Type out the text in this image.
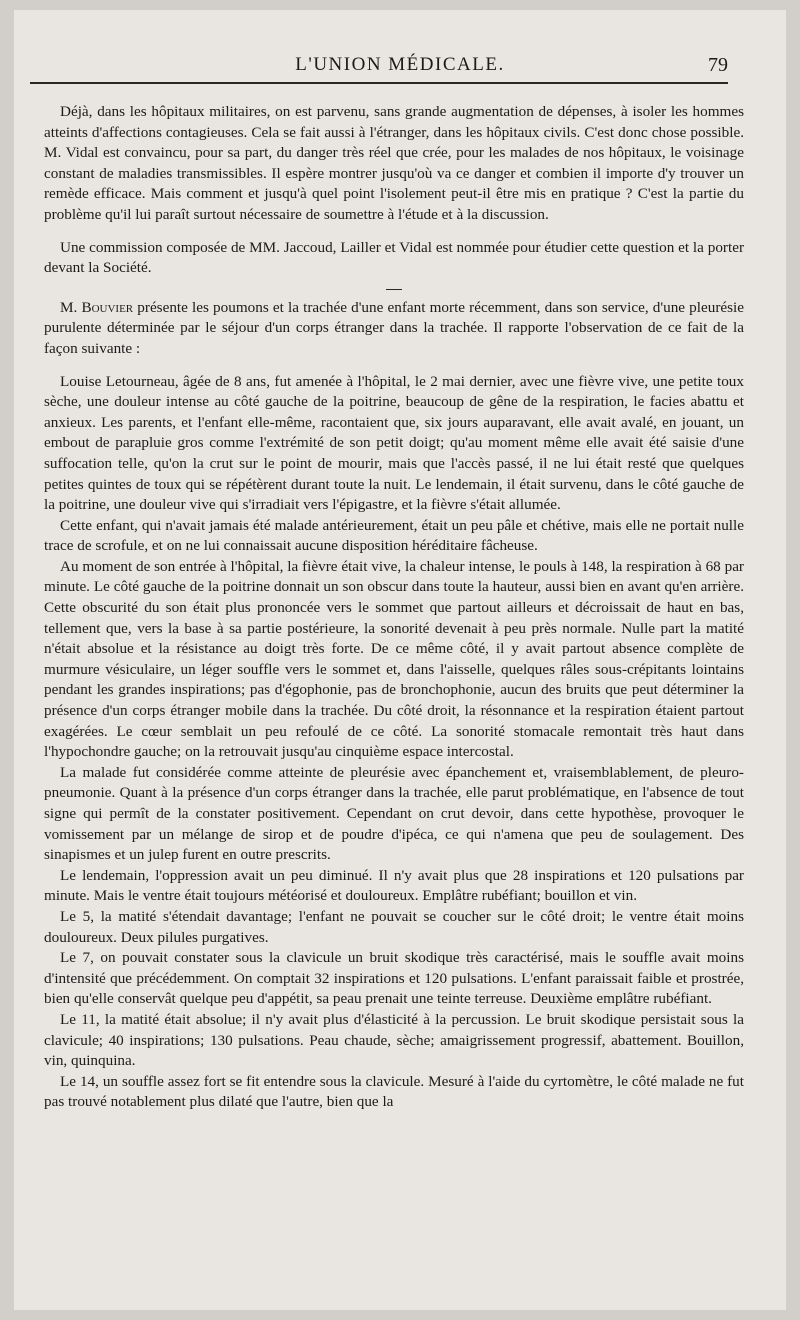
L'UNION MÉDICALE.	79

Déjà, dans les hôpitaux militaires, on est parvenu, sans grande augmentation de dépenses, à isoler les hommes atteints d'affections contagieuses. Cela se fait aussi à l'étranger, dans les hôpitaux civils. C'est donc chose possible. M. Vidal est convaincu, pour sa part, du danger très réel que crée, pour les malades de nos hôpitaux, le voisinage constant de maladies transmissibles. Il espère montrer jusqu'où va ce danger et combien il importe d'y trouver un remède efficace. Mais comment et jusqu'à quel point l'isolement peut-il être mis en pratique ? C'est la partie du problème qu'il lui paraît surtout nécessaire de soumettre à l'étude et à la discussion.

Une commission composée de MM. Jaccoud, Lailler et Vidal est nommée pour étudier cette question et la porter devant la Société.

M. Bouvier présente les poumons et la trachée d'une enfant morte récemment, dans son service, d'une pleurésie purulente déterminée par le séjour d'un corps étranger dans la trachée. Il rapporte l'observation de ce fait de la façon suivante :

Louise Letourneau, âgée de 8 ans, fut amenée à l'hôpital, le 2 mai dernier, avec une fièvre vive, une petite toux sèche, une douleur intense au côté gauche de la poitrine, beaucoup de gêne de la respiration, le facies abattu et anxieux. Les parents, et l'enfant elle-même, racontaient que, six jours auparavant, elle avait avalé, en jouant, un embout de parapluie gros comme l'extrémité de son petit doigt; qu'au moment même elle avait été saisie d'une suffocation telle, qu'on la crut sur le point de mourir, mais que l'accès passé, il ne lui était resté que quelques petites quintes de toux qui se répétèrent durant toute la nuit. Le lendemain, il était survenu, dans le côté gauche de la poitrine, une douleur vive qui s'irradiait vers l'épigastre, et la fièvre s'était allumée.

Cette enfant, qui n'avait jamais été malade antérieurement, était un peu pâle et chétive, mais elle ne portait nulle trace de scrofule, et on ne lui connaissait aucune disposition héréditaire fâcheuse.

Au moment de son entrée à l'hôpital, la fièvre était vive, la chaleur intense, le pouls à 148, la respiration à 68 par minute. Le côté gauche de la poitrine donnait un son obscur dans toute la hauteur, aussi bien en avant qu'en arrière. Cette obscurité du son était plus prononcée vers le sommet que partout ailleurs et décroissait de haut en bas, tellement que, vers la base à sa partie postérieure, la sonorité devenait à peu près normale. Nulle part la matité n'était absolue et la résistance au doigt très forte. De ce même côté, il y avait partout absence complète de murmure vésiculaire, un léger souffle vers le sommet et, dans l'aisselle, quelques râles sous-crépitants lointains pendant les grandes inspirations; pas d'égophonie, pas de bronchophonie, aucun des bruits que peut déterminer la présence d'un corps étranger mobile dans la trachée. Du côté droit, la résonnance et la respiration étaient partout exagérées. Le cœur semblait un peu refoulé de ce côté. La sonorité stomacale remontait très haut dans l'hypochondre gauche; on la retrouvait jusqu'au cinquième espace intercostal.

La malade fut considérée comme atteinte de pleurésie avec épanchement et, vraisemblablement, de pleuro-pneumonie. Quant à la présence d'un corps étranger dans la trachée, elle parut problématique, en l'absence de tout signe qui permît de la constater positivement. Cependant on crut devoir, dans cette hypothèse, provoquer le vomissement par un mélange de sirop et de poudre d'ipéca, ce qui n'amena que peu de soulagement. Des sinapismes et un julep furent en outre prescrits.

Le lendemain, l'oppression avait un peu diminué. Il n'y avait plus que 28 inspirations et 120 pulsations par minute. Mais le ventre était toujours météorisé et douloureux. Emplâtre rubéfiant; bouillon et vin.

Le 5, la matité s'étendait davantage; l'enfant ne pouvait se coucher sur le côté droit; le ventre était moins douloureux. Deux pilules purgatives.

Le 7, on pouvait constater sous la clavicule un bruit skodique très caractérisé, mais le souffle avait moins d'intensité que précédemment. On comptait 32 inspirations et 120 pulsations. L'enfant paraissait faible et prostrée, bien qu'elle conservât quelque peu d'appétit, sa peau prenait une teinte terreuse. Deuxième emplâtre rubéfiant.

Le 11, la matité était absolue; il n'y avait plus d'élasticité à la percussion. Le bruit skodique persistait sous la clavicule; 40 inspirations; 130 pulsations. Peau chaude, sèche; amaigrissement progressif, abattement. Bouillon, vin, quinquina.

Le 14, un souffle assez fort se fit entendre sous la clavicule. Mesuré à l'aide du cyrtomètre, le côté malade ne fut pas trouvé notablement plus dilaté que l'autre, bien que la
